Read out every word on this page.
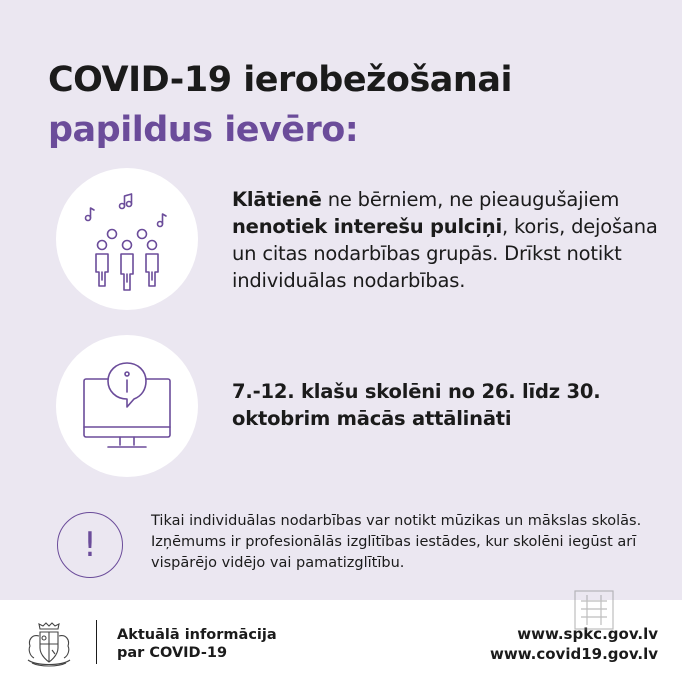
COVID-19 ierobežošanai
papildus ievēro:
Klātienē ne bērniem, ne pieaugušajiem nenotiek interešu pulciņi, koris, dejošana un citas nodarbības grupās. Drīkst notikt individuālas nodarbības.
7.-12. klašu skolēni no 26. līdz 30. oktobrim mācās attālināti
!
Tikai individuālas nodarbības var notikt mūzikas un mākslas skolās. Izņēmums ir profesionālās izglītības iestādes, kur skolēni iegūst arī vispārējo vidējo vai pamatizglītību.
Aktuālā informācija
par COVID-19
www.spkc.gov.lv
www.covid19.gov.lv
